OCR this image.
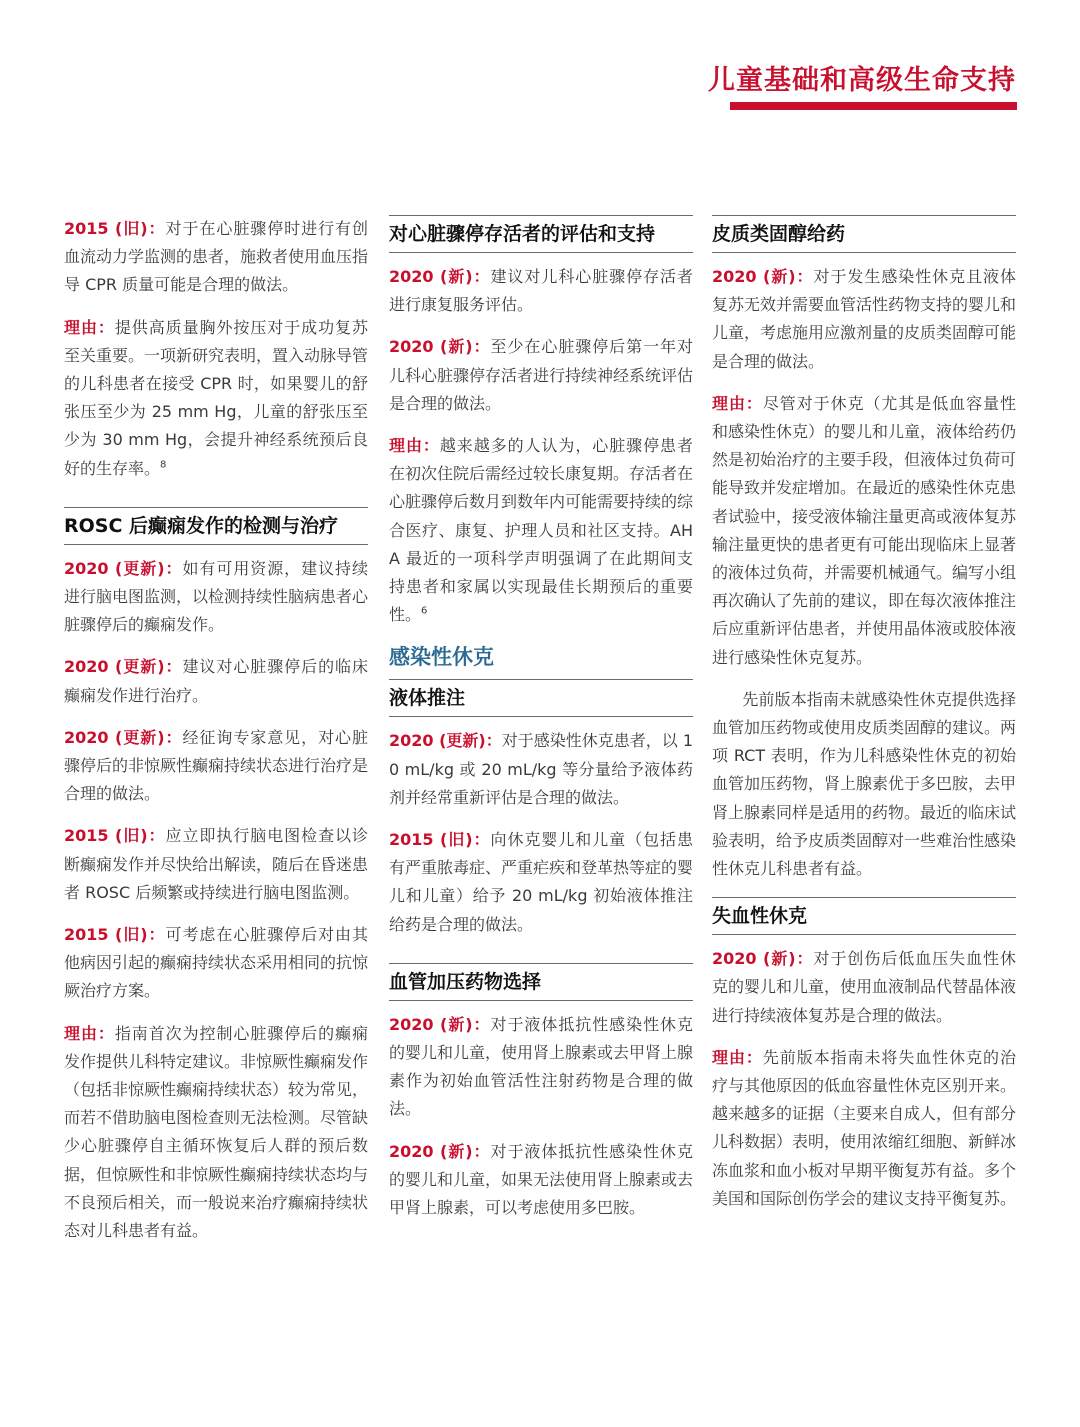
儿童基础和高级生命支持

2015 (旧)：对于在心脏骤停时进行有创血流动力学监测的患者，施救者使用血压指导 CPR 质量可能是合理的做法。

理由：提供高质量胸外按压对于成功复苏至关重要。一项新研究表明，置入动脉导管的儿科患者在接受 CPR 时，如果婴儿的舒张压至少为 25 mm Hg，儿童的舒张压至少为 30 mm Hg，会提升神经系统预后良好的生存率。$^8$

ROSC 后癫痫发作的检测与治疗

2020 (更新)：如有可用资源，建议持续进行脑电图监测，以检测持续性脑病患者心脏骤停后的癫痫发作。

2020 (更新)：建议对心脏骤停后的临床癫痫发作进行治疗。

2020 (更新)：经征询专家意见，对心脏骤停后的非惊厥性癫痫持续状态进行治疗是合理的做法。

2015 (旧)：应立即执行脑电图检查以诊断癫痫发作并尽快给出解读，随后在昏迷患者 ROSC 后频繁或持续进行脑电图监测。

2015 (旧)：可考虑在心脏骤停后对由其他病因引起的癫痫持续状态采用相同的抗惊厥治疗方案。

理由：指南首次为控制心脏骤停后的癫痫发作提供儿科特定建议。非惊厥性癫痫发作（包括非惊厥性癫痫持续状态）较为常见，而若不借助脑电图检查则无法检测。尽管缺少心脏骤停自主循环恢复后人群的预后数据，但惊厥性和非惊厥性癫痫持续状态均与不良预后相关，而一般说来治疗癫痫持续状态对儿科患者有益。

对心脏骤停存活者的评估和支持

2020 (新)：建议对儿科心脏骤停存活者进行康复服务评估。

2020 (新)：至少在心脏骤停后第一年对儿科心脏骤停存活者进行持续神经系统评估是合理的做法。

理由：越来越多的人认为，心脏骤停患者在初次住院后需经过较长康复期。存活者在心脏骤停后数月到数年内可能需要持续的综合医疗、康复、护理人员和社区支持。AHA 最近的一项科学声明强调了在此期间支持患者和家属以实现最佳长期预后的重要性。$^6$

感染性休克
液体推注

2020 (更新)：对于感染性休克患者，以 10 mL/kg 或 20 mL/kg 等分量给予液体药剂并经常重新评估是合理的做法。

2015 (旧)：向休克婴儿和儿童（包括患有严重脓毒症、严重疟疾和登革热等症的婴儿和儿童）给予 20 mL/kg 初始液体推注给药是合理的做法。

血管加压药物选择

2020 (新)：对于液体抵抗性感染性休克的婴儿和儿童，使用肾上腺素或去甲肾上腺素作为初始血管活性注射药物是合理的做法。

2020 (新)：对于液体抵抗性感染性休克的婴儿和儿童，如果无法使用肾上腺素或去甲肾上腺素，可以考虑使用多巴胺。

皮质类固醇给药

2020 (新)：对于发生感染性休克且液体复苏无效并需要血管活性药物支持的婴儿和儿童，考虑施用应激剂量的皮质类固醇可能是合理的做法。

理由：尽管对于休克（尤其是低血容量性和感染性休克）的婴儿和儿童，液体给药仍然是初始治疗的主要手段，但液体过负荷可能导致并发症增加。在最近的感染性休克患者试验中，接受液体输注量更高或液体复苏输注量更快的患者更有可能出现临床上显著的液体过负荷，并需要机械通气。编写小组再次确认了先前的建议，即在每次液体推注后应重新评估患者，并使用晶体液或胶体液进行感染性休克复苏。

先前版本指南未就感染性休克提供选择血管加压药物或使用皮质类固醇的建议。两项 RCT 表明，作为儿科感染性休克的初始血管加压药物，肾上腺素优于多巴胺，去甲肾上腺素同样是适用的药物。最近的临床试验表明，给予皮质类固醇对一些难治性感染性休克儿科患者有益。

失血性休克

2020 (新)：对于创伤后低血压失血性休克的婴儿和儿童，使用血液制品代替晶体液进行持续液体复苏是合理的做法。

理由：先前版本指南未将失血性休克的治疗与其他原因的低血容量性休克区别开来。越来越多的证据（主要来自成人，但有部分儿科数据）表明，使用浓缩红细胞、新鲜冰冻血浆和血小板对早期平衡复苏有益。多个美国和国际创伤学会的建议支持平衡复苏。
